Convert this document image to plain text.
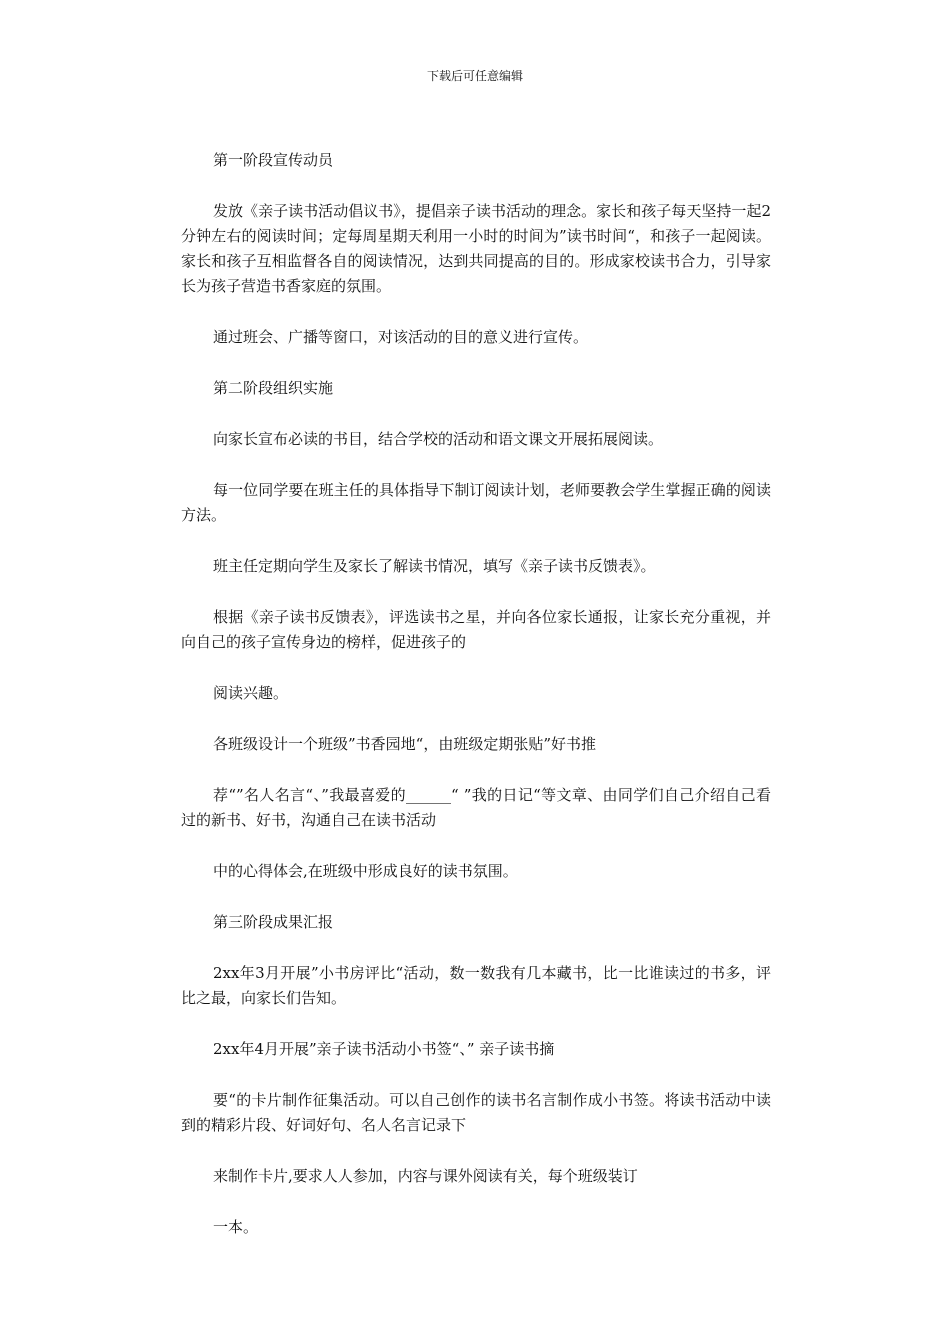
下载后可任意编辑

第一阶段宣传动员

发放《亲子读书活动倡议书》，提倡亲子读书活动的理念。家长和孩子每天坚持一起2分钟左右的阅读时间；定每周星期天利用一小时的时间为”读书时间“，和孩子一起阅读。家长和孩子互相监督各自的阅读情况，达到共同提高的目的。形成家校读书合力，引导家长为孩子营造书香家庭的氛围。

通过班会、广播等窗口，对该活动的目的意义进行宣传。

第二阶段组织实施

向家长宣布必读的书目，结合学校的活动和语文课文开展拓展阅读。

每一位同学要在班主任的具体指导下制订阅读计划，老师要教会学生掌握正确的阅读方法。

班主任定期向学生及家长了解读书情况，填写《亲子读书反馈表》。

根据《亲子读书反馈表》，评选读书之星，并向各位家长通报，让家长充分重视，并向自己的孩子宣传身边的榜样，促进孩子的

阅读兴趣。

各班级设计一个班级”书香园地“，由班级定期张贴”好书推

荐“”名人名言“、”我最喜爱的______“ ”我的日记“等文章、由同学们自己介绍自己看过的新书、好书，沟通自己在读书活动

中的心得体会,在班级中形成良好的读书氛围。

第三阶段成果汇报

2xx年3月开展”小书房评比“活动，数一数我有几本藏书，比一比谁读过的书多，评比之最，向家长们告知。

2xx年4月开展”亲子读书活动小书签“、” 亲子读书摘

要“的卡片制作征集活动。可以自己创作的读书名言制作成小书签。将读书活动中读到的精彩片段、好词好句、名人名言记录下

来制作卡片,要求人人参加，内容与课外阅读有关，每个班级装订

一本。
